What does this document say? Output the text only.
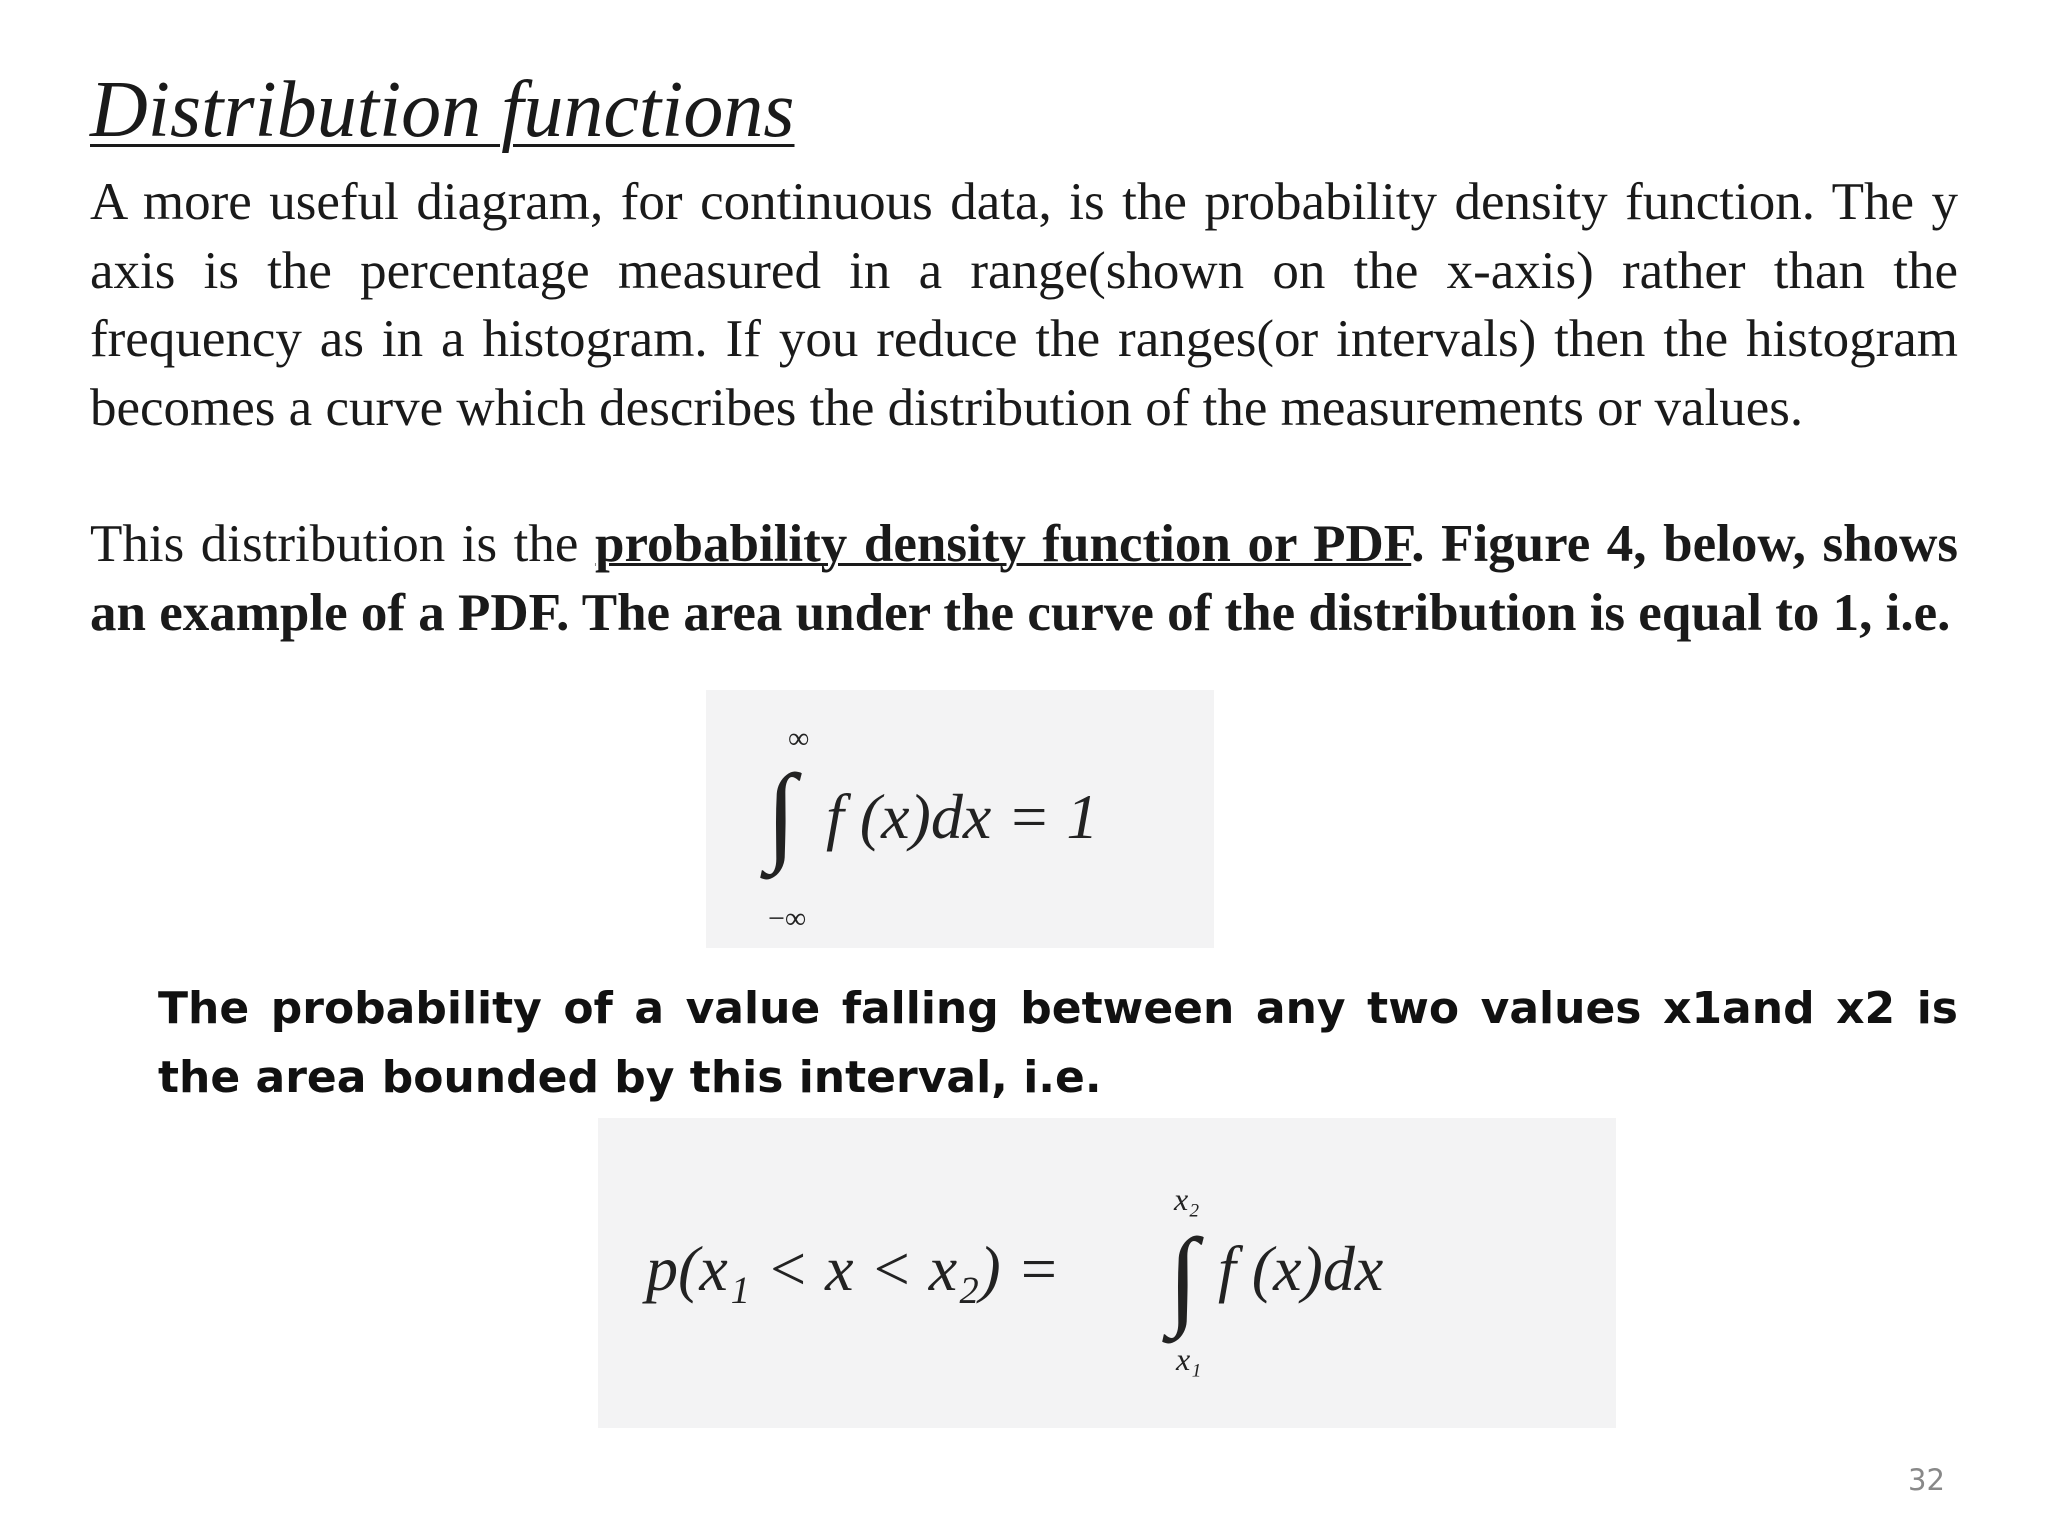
Distribution functions
A more useful diagram, for continuous data, is the probability density function. The y axis is the percentage measured in a range(shown on the x-axis) rather than the frequency as in a histogram. If you reduce the ranges(or intervals) then the histogram becomes a curve which describes the distribution of the measurements or values.
This distribution is the probability density function or PDF. Figure 4, below, shows an example of a PDF. The area under the curve of the distribution is equal to 1, i.e.
∞
∫ f (x)dx = 1
−∞
The probability of a value falling between any two values x1and x2 is the area bounded by this interval, i.e.
p(x₁ < x < x₂) =
x₂
∫ f (x)dx
x₁
32
